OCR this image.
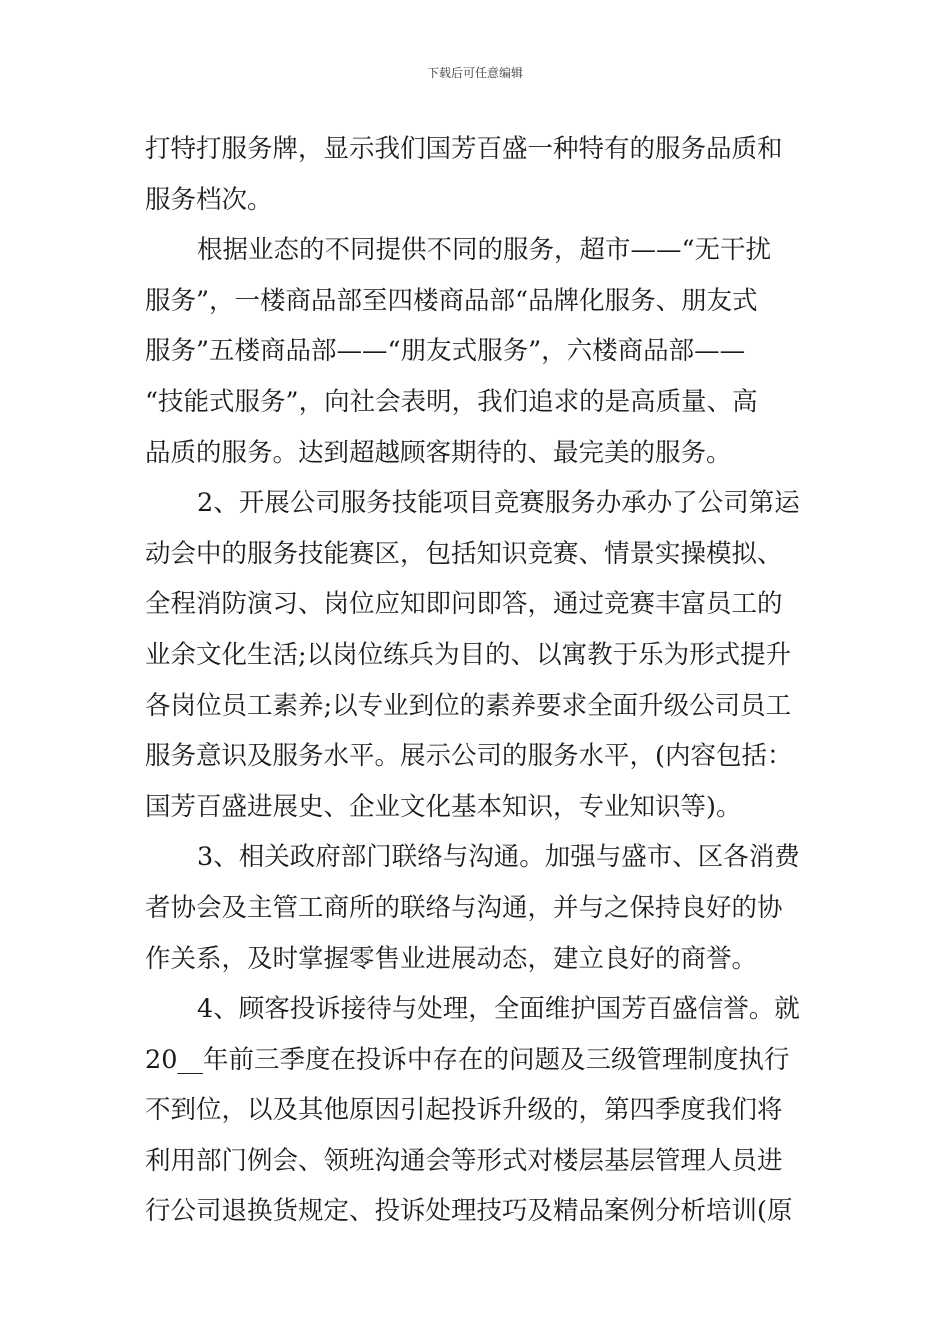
下载后可任意编辑
打特打服务牌，显示我们国芳百盛一种特有的服务品质和
服务档次。
根据业态的不同提供不同的服务，超市——“无干扰
服务”，一楼商品部至四楼商品部“品牌化服务、朋友式
服务”五楼商品部——“朋友式服务”，六楼商品部——
“技能式服务”，向社会表明，我们追求的是高质量、高
品质的服务。达到超越顾客期待的、最完美的服务。
2、开展公司服务技能项目竞赛服务办承办了公司第运
动会中的服务技能赛区，包括知识竞赛、情景实操模拟、
全程消防演习、岗位应知即问即答，通过竞赛丰富员工的
业余文化生活;以岗位练兵为目的、以寓教于乐为形式提升
各岗位员工素养;以专业到位的素养要求全面升级公司员工
服务意识及服务水平。展示公司的服务水平，(内容包括：
国芳百盛进展史、企业文化基本知识，专业知识等)。
3、相关政府部门联络与沟通。加强与盛市、区各消费
者协会及主管工商所的联络与沟通，并与之保持良好的协
作关系，及时掌握零售业进展动态，建立良好的商誉。
4、顾客投诉接待与处理，全面维护国芳百盛信誉。就
20__年前三季度在投诉中存在的问题及三级管理制度执行
不到位，以及其他原因引起投诉升级的，第四季度我们将
利用部门例会、领班沟通会等形式对楼层基层管理人员进
行公司退换货规定、投诉处理技巧及精品案例分析培训(原
